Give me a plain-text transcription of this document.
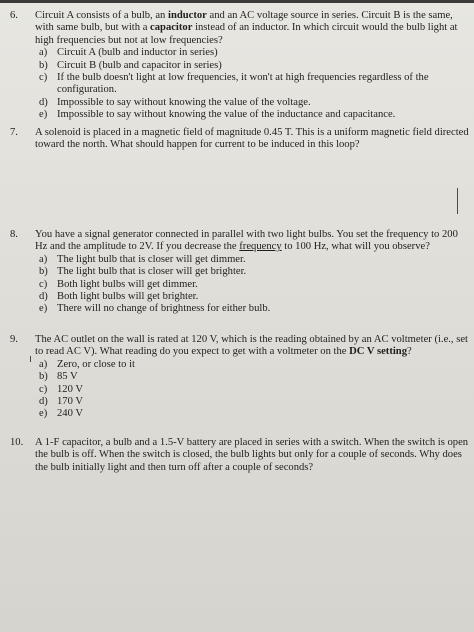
6.	Circuit A consists of a bulb, an inductor and an AC voltage source in series. Circuit B is the same, with same bulb, but with a capacitor instead of an inductor. In which circuit would the bulb light at high frequencies but not at low frequencies?

a) Circuit A (bulb and inductor in series)
b) Circuit B (bulb and capacitor in series)
c) If the bulb doesn't light at low frequencies, it won't at high frequencies regardless of the configuration.
d) Impossible to say without knowing the value of the voltage.
e) Impossible to say without knowing the value of the inductance and capacitance.
7.	A solenoid is placed in a magnetic field of magnitude 0.45 T. This is a uniform magnetic field directed toward the north. What should happen for current to be induced in this loop?

8.	You have a signal generator connected in parallel with two light bulbs. You set the frequency to 200 Hz and the amplitude to 2V. If you decrease the frequency to 100 Hz, what will you observe?

a) The light bulb that is closer will get dimmer.
b) The light bulb that is closer will get brighter.
c) Both light bulbs will get dimmer.
d) Both light bulbs will get brighter.
e) There will no change of brightness for either bulb.
9.	The AC outlet on the wall is rated at 120 V, which is the reading obtained by an AC voltmeter (i.e., set to read AC V). What reading do you expect to get with a voltmeter on the DC V setting?

a) Zero, or close to it
b) 85 V
c) 120 V
d) 170 V
e) 240 V
10.	A 1-F capacitor, a bulb and a 1.5-V battery are placed in series with a switch. When the switch is open the bulb is off. When the switch is closed, the bulb lights but only for a couple of seconds. Why does the bulb initially light and then turn off after a couple of seconds?
